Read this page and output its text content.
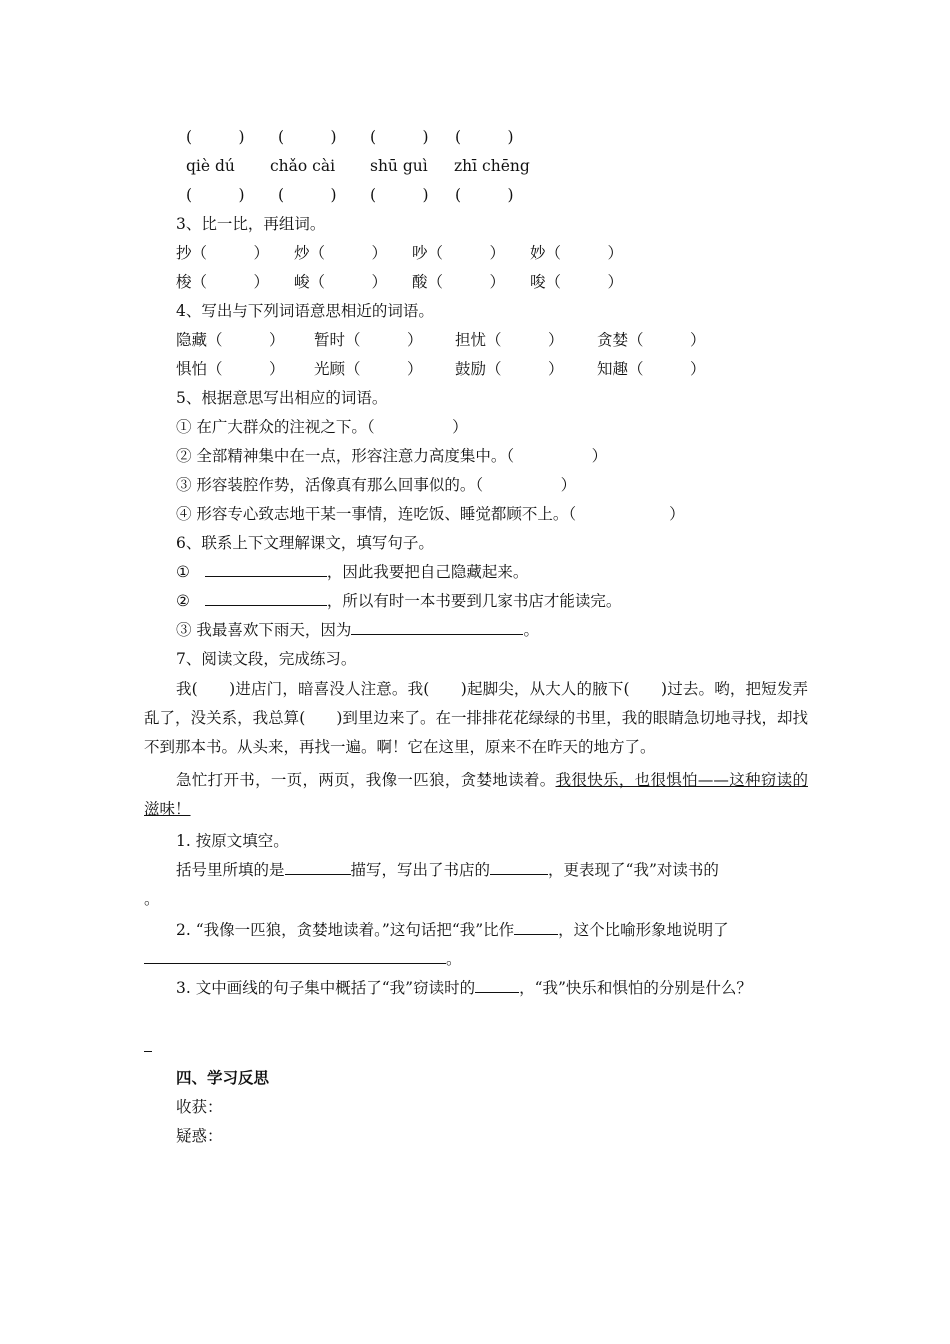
(　　　) (　　　) (　　　) (　　　)
qiè dú chǎo cài shū guì zhī chēng
(　　　) (　　　) (　　　) (　　　)
3、比一比，再组词。
抄（　　　） 炒（　　　） 吵（　　　） 妙（　　　）
梭（　　　） 峻（　　　） 酸（　　　） 唆（　　　）
4、写出与下列词语意思相近的词语。
隐藏（　　　） 暂时（　　　） 担忧（　　　） 贪婪（　　　）
惧怕（　　　） 光顾（　　　） 鼓励（　　　） 知趣（　　　）
5、根据意思写出相应的词语。
① 在广大群众的注视之下。（　　　　　）
② 全部精神集中在一点，形容注意力高度集中。（　　　　　）
③ 形容装腔作势，活像真有那么回事似的。（　　　　　）
④ 形容专心致志地干某一事情，连吃饭、睡觉都顾不上。（　　　　　　）
6、联系上下文理解课文，填写句子。
①	，因此我要把自己隐藏起来。
②	，所以有时一本书要到几家书店才能读完。
③ 我最喜欢下雨天，因为	。
7、阅读文段，完成练习。
我(　　)进店门，暗喜没人注意。我(　　)起脚尖，从大人的腋下(　　)过去。哟，把短发弄乱了，没关系，我总算(　　)到里边来了。在一排排花花绿绿的书里，我的眼睛急切地寻找，却找不到那本书。从头来，再找一遍。啊！它在这里，原来不在昨天的地方了。
急忙打开书，一页，两页，我像一匹狼，贪婪地读着。我很快乐，也很惧怕——这种窃读的滋味！
1. 按原文填空。
括号里所填的是	描写，写出了书店的	，更表现了“我”对读书的
。
2. “我像一匹狼，贪婪地读着。”这句话把“我”比作	，这个比喻形象地说明了
。
3. 文中画线的句子集中概括了“我”窃读时的	，“我”快乐和惧怕的分别是什么？
四、学习反思
收获：
疑惑：
